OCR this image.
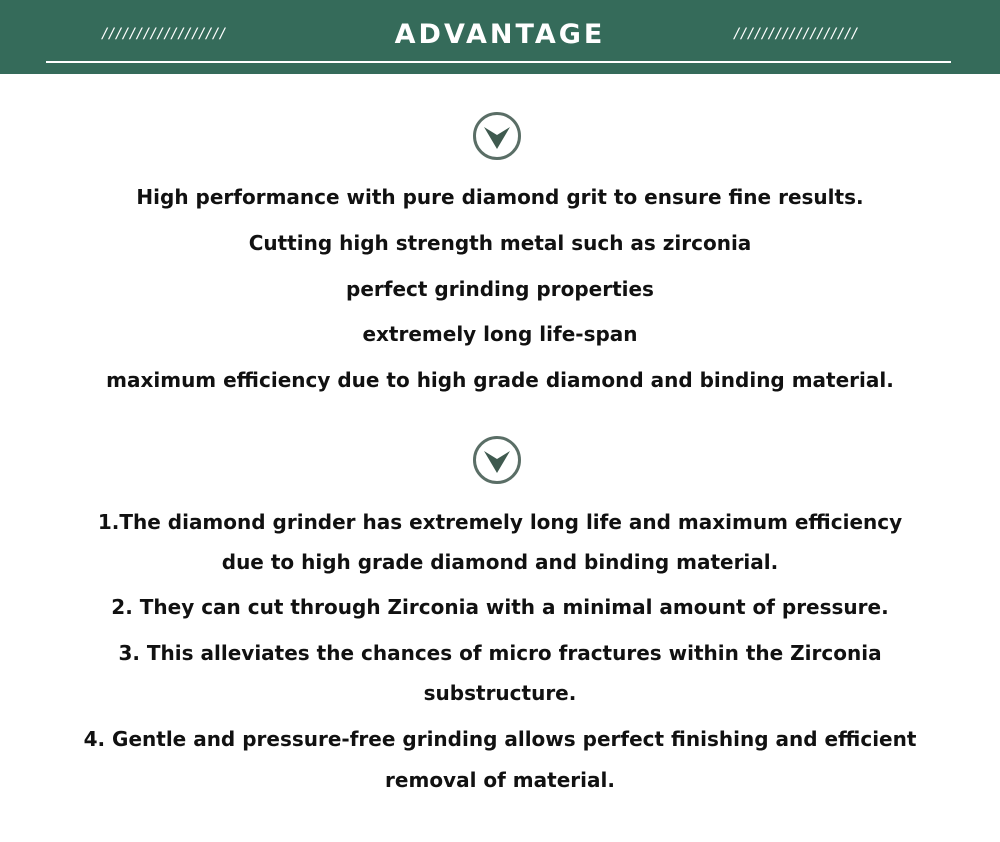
//////////////////	ADVANTAGE	//////////////////
High performance with pure diamond grit to ensure fine results.
Cutting high strength metal such as zirconia
perfect grinding properties
extremely long life-span
maximum efficiency due to high grade diamond and binding material.
1.The diamond grinder has extremely long life and maximum efficiency
due to high grade diamond and binding material.
2. They can cut through Zirconia with a minimal amount of pressure.
3. This alleviates the chances of micro fractures within the Zirconia
substructure.
4. Gentle and pressure-free grinding allows perfect finishing and efficient
removal of material.
